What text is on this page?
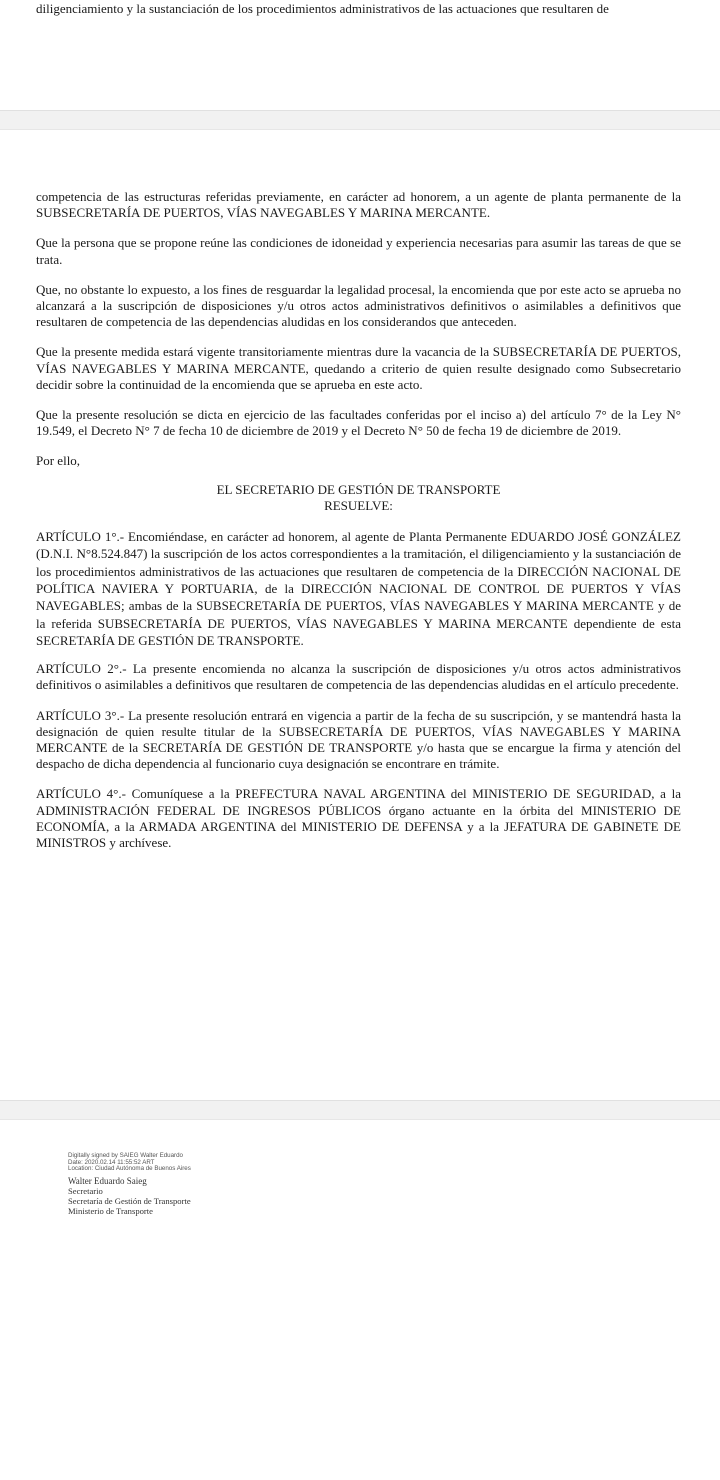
diligenciamiento y la sustanciación de los procedimientos administrativos de las actuaciones que resultaren de

competencia de las estructuras referidas previamente, en carácter ad honorem, a un agente de planta permanente de la SUBSECRETARÍA DE PUERTOS, VÍAS NAVEGABLES Y MARINA MERCANTE.

Que la persona que se propone reúne las condiciones de idoneidad y experiencia necesarias para asumir las tareas de que se trata.

Que, no obstante lo expuesto, a los fines de resguardar la legalidad procesal, la encomienda que por este acto se aprueba no alcanzará a la suscripción de disposiciones y/u otros actos administrativos definitivos o asimilables a definitivos que resultaren de competencia de las dependencias aludidas en los considerandos que anteceden.

Que la presente medida estará vigente transitoriamente mientras dure la vacancia de la SUBSECRETARÍA DE PUERTOS, VÍAS NAVEGABLES Y MARINA MERCANTE, quedando a criterio de quien resulte designado como Subsecretario decidir sobre la continuidad de la encomienda que se aprueba en este acto.

Que la presente resolución se dicta en ejercicio de las facultades conferidas por el inciso a) del artículo 7° de la Ley N° 19.549, el Decreto N° 7 de fecha 10 de diciembre de 2019 y el Decreto N° 50 de fecha 19 de diciembre de 2019.

Por ello,

EL SECRETARIO DE GESTIÓN DE TRANSPORTE
RESUELVE:

ARTÍCULO 1°.- Encomiéndase, en carácter ad honorem, al agente de Planta Permanente EDUARDO JOSÉ GONZÁLEZ (D.N.I. N°8.524.847) la suscripción de los actos correspondientes a la tramitación, el diligenciamiento y la sustanciación de los procedimientos administrativos de las actuaciones que resultaren de competencia de la DIRECCIÓN NACIONAL DE POLÍTICA NAVIERA Y PORTUARIA, de la DIRECCIÓN NACIONAL DE CONTROL DE PUERTOS Y VÍAS NAVEGABLES; ambas de la SUBSECRETARÍA DE PUERTOS, VÍAS NAVEGABLES Y MARINA MERCANTE y de la referida SUBSECRETARÍA DE PUERTOS, VÍAS NAVEGABLES Y MARINA MERCANTE dependiente de esta SECRETARÍA DE GESTIÓN DE TRANSPORTE.

ARTÍCULO 2°.- La presente encomienda no alcanza la suscripción de disposiciones y/u otros actos administrativos definitivos o asimilables a definitivos que resultaren de competencia de las dependencias aludidas en el artículo precedente.

ARTÍCULO 3°.- La presente resolución entrará en vigencia a partir de la fecha de su suscripción, y se mantendrá hasta la designación de quien resulte titular de la SUBSECRETARÍA DE PUERTOS, VÍAS NAVEGABLES Y MARINA MERCANTE de la SECRETARÍA DE GESTIÓN DE TRANSPORTE y/o hasta que se encargue la firma y atención del despacho de dicha dependencia al funcionario cuya designación se encontrare en trámite.

ARTÍCULO 4°.- Comuníquese a la PREFECTURA NAVAL ARGENTINA del MINISTERIO DE SEGURIDAD, a la ADMINISTRACIÓN FEDERAL DE INGRESOS PÚBLICOS órgano actuante en la órbita del MINISTERIO DE ECONOMÍA, a la ARMADA ARGENTINA del MINISTERIO DE DEFENSA y a la JEFATURA DE GABINETE DE MINISTROS y archívese.

Digitally signed by SAIEG Walter Eduardo
Date: 2020.02.14 11:55:52 ART
Location: Ciudad Autónoma de Buenos Aires
Walter Eduardo Saieg
Secretario
Secretaría de Gestión de Transporte
Ministerio de Transporte
